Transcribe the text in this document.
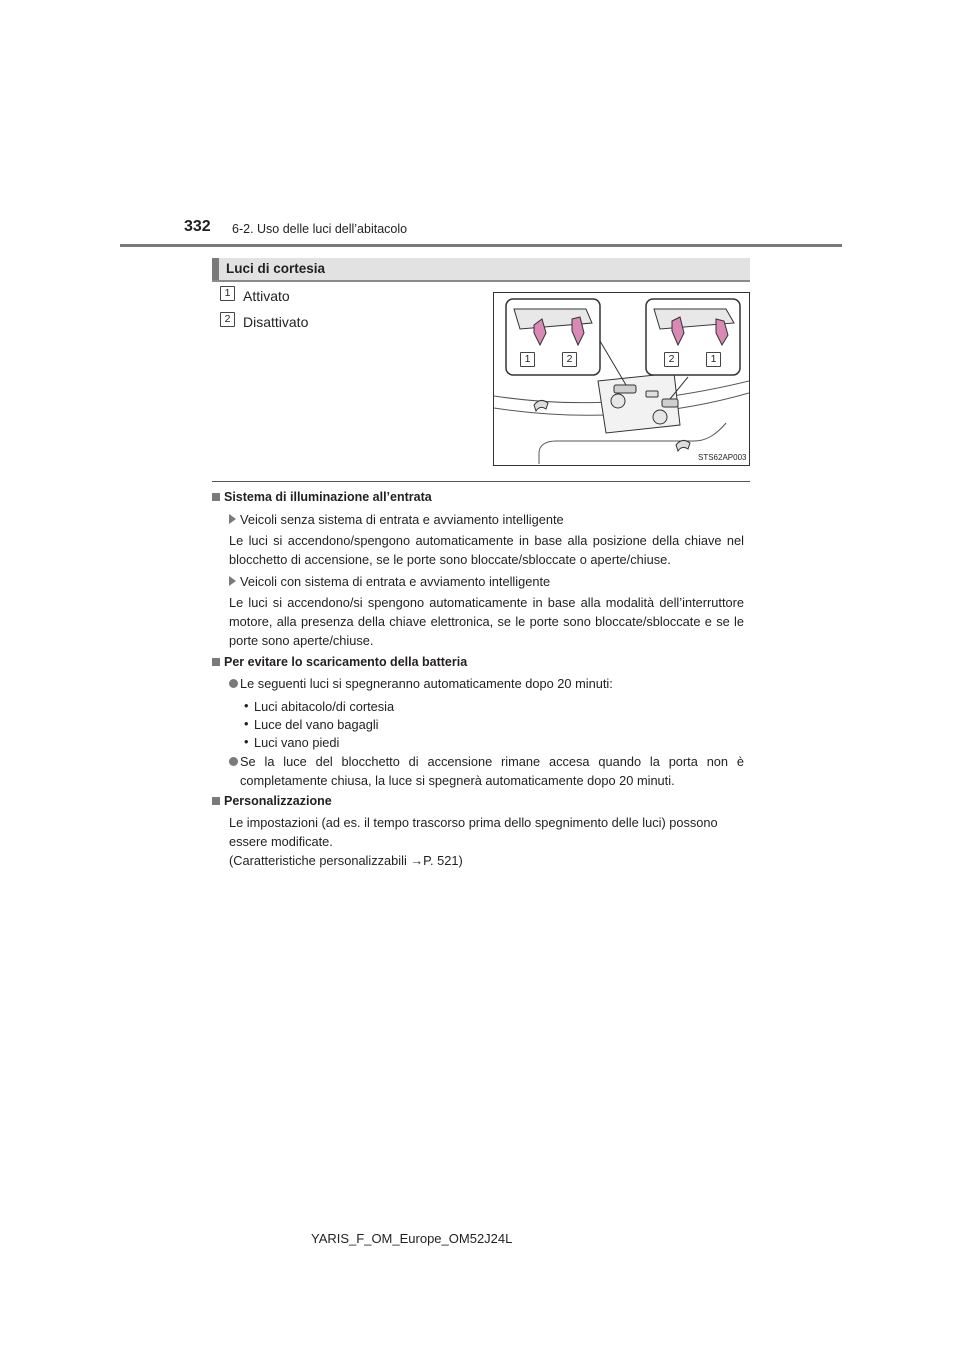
332 6-2. Uso delle luci dell’abitacolo
Luci di cortesia
1 Attivato
2 Disattivato
1	2	2	1
STS62AP003
Sistema di illuminazione all’entrata
Veicoli senza sistema di entrata e avviamento intelligente
Le luci si accendono/spengono automaticamente in base alla posizione della chiave nel blocchetto di accensione, se le porte sono bloccate/sbloccate o aperte/chiuse.
Veicoli con sistema di entrata e avviamento intelligente
Le luci si accendono/si spengono automaticamente in base alla modalità dell’interruttore motore, alla presenza della chiave elettronica, se le porte sono bloccate/sbloccate e se le porte sono aperte/chiuse.
Per evitare lo scaricamento della batteria
Le seguenti luci si spegneranno automaticamente dopo 20 minuti:
• Luci abitacolo/di cortesia
• Luce del vano bagagli
• Luci vano piedi
Se la luce del blocchetto di accensione rimane accesa quando la porta non è completamente chiusa, la luce si spegnerà automaticamente dopo 20 minuti.
Personalizzazione
Le impostazioni (ad es. il tempo trascorso prima dello spegnimento delle luci) possono essere modificate.
(Caratteristiche personalizzabili →P. 521)
YARIS_F_OM_Europe_OM52J24L
